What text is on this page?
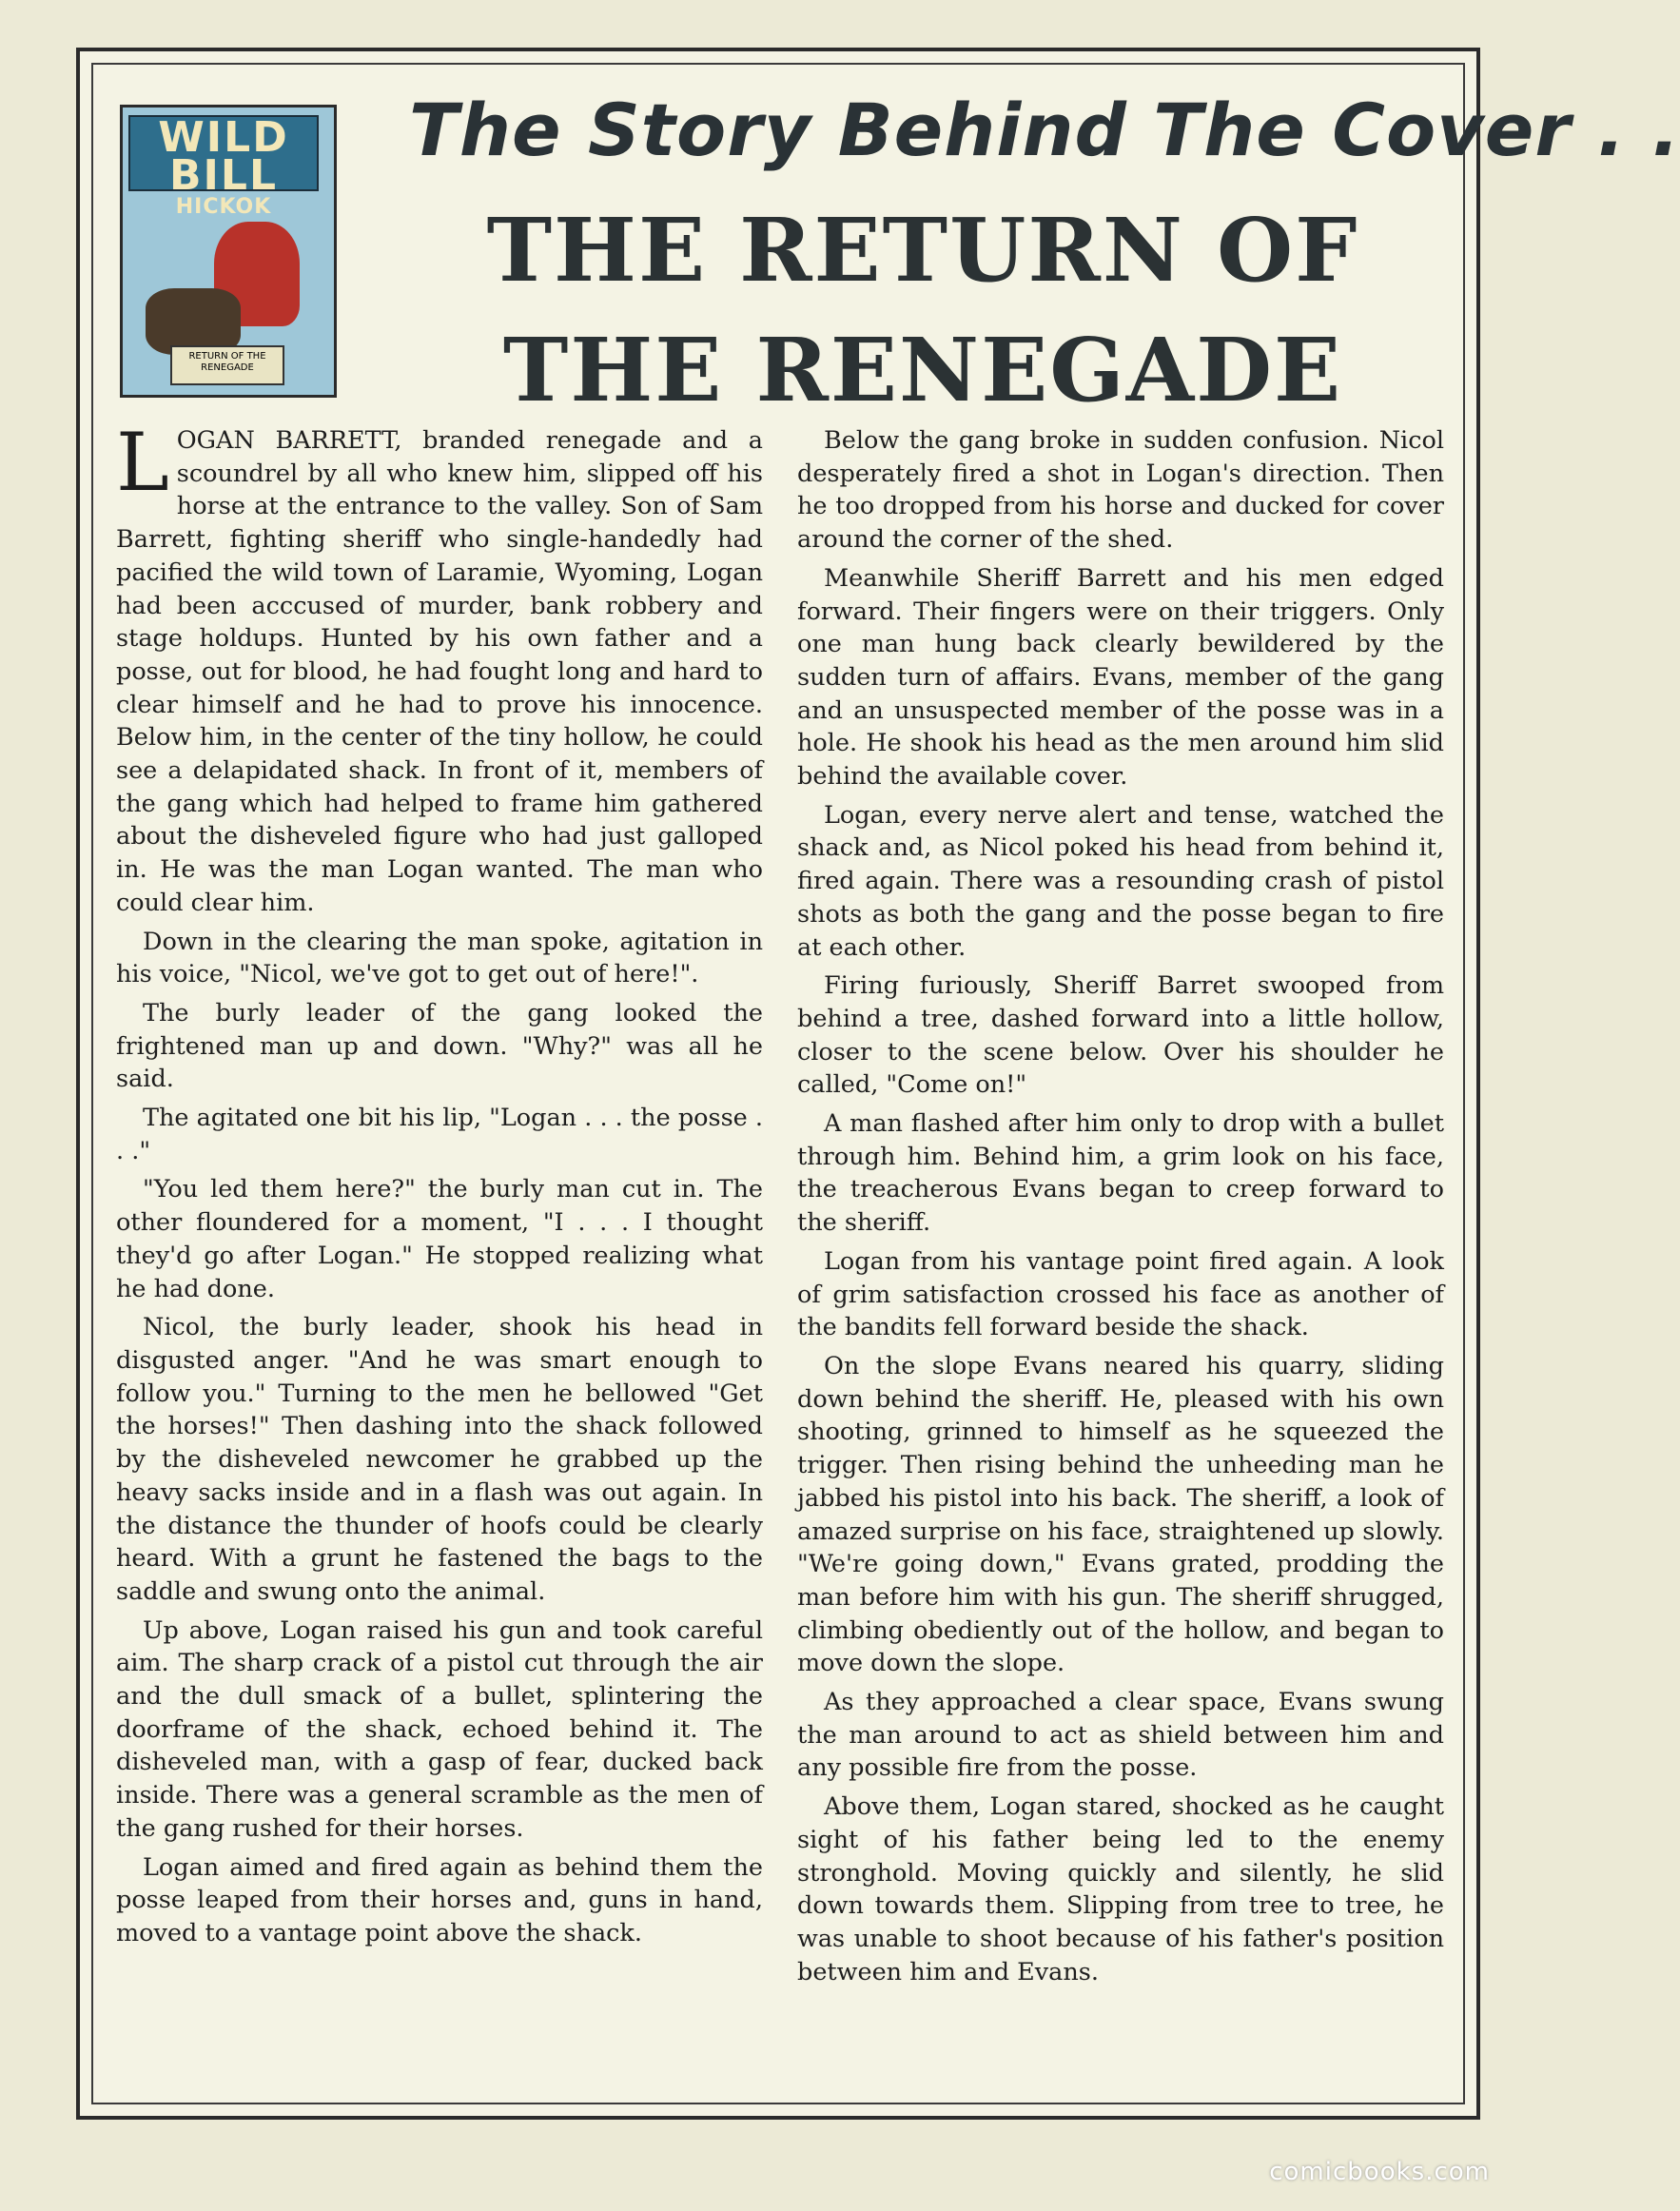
WILD BILL
HICKOK
RETURN OF THE RENEGADE
The Story Behind The Cover . .
THE RETURN OF
THE RENEGADE

LOGAN BARRETT, branded renegade and a scoundrel by all who knew him, slipped off his horse at the entrance to the valley. Son of Sam Barrett, fighting sheriff who single-handedly had pacified the wild town of Laramie, Wyoming, Logan had been acccused of murder, bank robbery and stage holdups. Hunted by his own father and a posse, out for blood, he had fought long and hard to clear himself and he had to prove his innocence. Below him, in the center of the tiny hollow, he could see a delapidated shack. In front of it, members of the gang which had helped to frame him gathered about the disheveled figure who had just galloped in. He was the man Logan wanted. The man who could clear him.

Down in the clearing the man spoke, agitation in his voice, "Nicol, we've got to get out of here!".

The burly leader of the gang looked the frightened man up and down. "Why?" was all he said.

The agitated one bit his lip, "Logan . . . the posse . . ."

"You led them here?" the burly man cut in. The other floundered for a moment, "I . . . I thought they'd go after Logan." He stopped realizing what he had done.

Nicol, the burly leader, shook his head in disgusted anger. "And he was smart enough to follow you." Turning to the men he bellowed "Get the horses!" Then dashing into the shack followed by the disheveled newcomer he grabbed up the heavy sacks inside and in a flash was out again. In the distance the thunder of hoofs could be clearly heard. With a grunt he fastened the bags to the saddle and swung onto the animal.

Up above, Logan raised his gun and took careful aim. The sharp crack of a pistol cut through the air and the dull smack of a bullet, splintering the doorframe of the shack, echoed behind it. The disheveled man, with a gasp of fear, ducked back inside. There was a general scramble as the men of the gang rushed for their horses.

Logan aimed and fired again as behind them the posse leaped from their horses and, guns in hand, moved to a vantage point above the shack.

Below the gang broke in sudden confusion. Nicol desperately fired a shot in Logan's direction. Then he too dropped from his horse and ducked for cover around the corner of the shed.

Meanwhile Sheriff Barrett and his men edged forward. Their fingers were on their triggers. Only one man hung back clearly bewildered by the sudden turn of affairs. Evans, member of the gang and an unsuspected member of the posse was in a hole. He shook his head as the men around him slid behind the available cover.

Logan, every nerve alert and tense, watched the shack and, as Nicol poked his head from behind it, fired again. There was a resounding crash of pistol shots as both the gang and the posse began to fire at each other.

Firing furiously, Sheriff Barret swooped from behind a tree, dashed forward into a little hollow, closer to the scene below. Over his shoulder he called, "Come on!"

A man flashed after him only to drop with a bullet through him. Behind him, a grim look on his face, the treacherous Evans began to creep forward to the sheriff.

Logan from his vantage point fired again. A look of grim satisfaction crossed his face as another of the bandits fell forward beside the shack.

On the slope Evans neared his quarry, sliding down behind the sheriff. He, pleased with his own shooting, grinned to himself as he squeezed the trigger. Then rising behind the unheeding man he jabbed his pistol into his back. The sheriff, a look of amazed surprise on his face, straightened up slowly. "We're going down," Evans grated, prodding the man before him with his gun. The sheriff shrugged, climbing obediently out of the hollow, and began to move down the slope.

As they approached a clear space, Evans swung the man around to act as shield between him and any possible fire from the posse.

Above them, Logan stared, shocked as he caught sight of his father being led to the enemy stronghold. Moving quickly and silently, he slid down towards them. Slipping from tree to tree, he was unable to shoot because of his father's position between him and Evans.

comicbooks.com
